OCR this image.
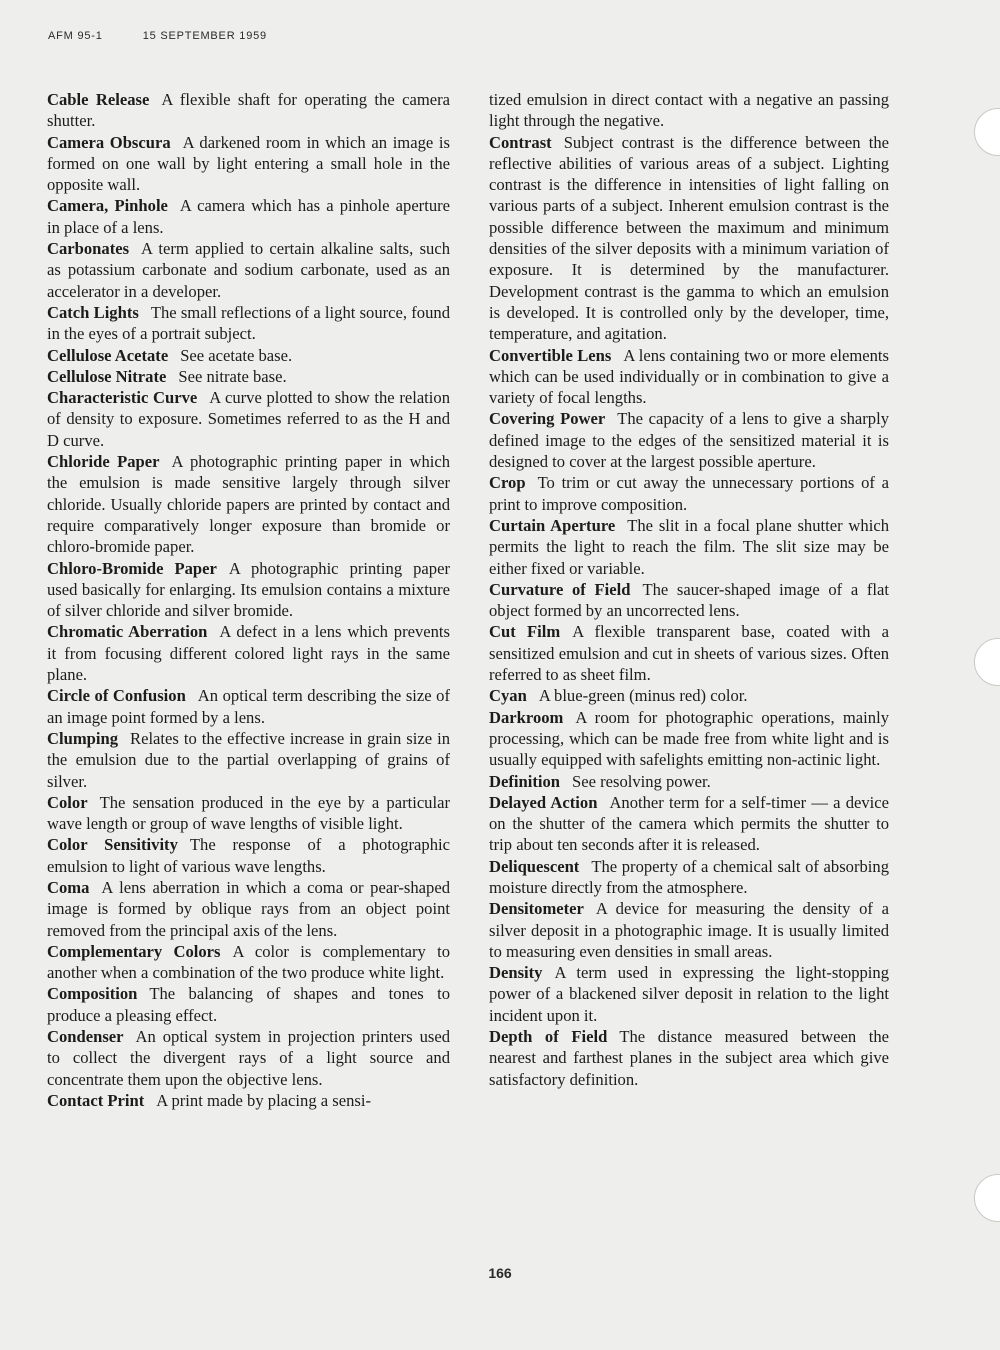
AFM 95-1	15 SEPTEMBER 1959

Cable Release A flexible shaft for operating the camera shutter.

Camera Obscura A darkened room in which an image is formed on one wall by light entering a small hole in the opposite wall.

Camera, Pinhole A camera which has a pinhole aperture in place of a lens.

Carbonates A term applied to certain alkaline salts, such as potassium carbonate and sodium carbonate, used as an accelerator in a developer.

Catch Lights The small reflections of a light source, found in the eyes of a portrait subject.

Cellulose Acetate See acetate base.

Cellulose Nitrate See nitrate base.

Characteristic Curve A curve plotted to show the relation of density to exposure. Sometimes referred to as the H and D curve.

Chloride Paper A photographic printing paper in which the emulsion is made sensitive largely through silver chloride. Usually chloride papers are printed by contact and require comparatively longer exposure than bromide or chloro-bromide paper.

Chloro-Bromide Paper A photographic printing paper used basically for enlarging. Its emulsion contains a mixture of silver chloride and silver bromide.

Chromatic Aberration A defect in a lens which prevents it from focusing different colored light rays in the same plane.

Circle of Confusion An optical term describing the size of an image point formed by a lens.

Clumping Relates to the effective increase in grain size in the emulsion due to the partial overlapping of grains of silver.

Color The sensation produced in the eye by a particular wave length or group of wave lengths of visible light.

Color Sensitivity The response of a photographic emulsion to light of various wave lengths.

Coma A lens aberration in which a coma or pear-shaped image is formed by oblique rays from an object point removed from the principal axis of the lens.

Complementary Colors A color is complementary to another when a combination of the two produce white light.

Composition The balancing of shapes and tones to produce a pleasing effect.

Condenser An optical system in projection printers used to collect the divergent rays of a light source and concentrate them upon the objective lens.

Contact Print A print made by placing a sensi-

tized emulsion in direct contact with a negative an passing light through the negative.

Contrast Subject contrast is the difference between the reflective abilities of various areas of a subject. Lighting contrast is the difference in intensities of light falling on various parts of a subject. Inherent emulsion contrast is the possible difference between the maximum and minimum densities of the silver deposits with a minimum variation of exposure. It is determined by the manufacturer. Development contrast is the gamma to which an emulsion is developed. It is controlled only by the developer, time, temperature, and agitation.

Convertible Lens A lens containing two or more elements which can be used individually or in combination to give a variety of focal lengths.

Covering Power The capacity of a lens to give a sharply defined image to the edges of the sensitized material it is designed to cover at the largest possible aperture.

Crop To trim or cut away the unnecessary portions of a print to improve composition.

Curtain Aperture The slit in a focal plane shutter which permits the light to reach the film. The slit size may be either fixed or variable.

Curvature of Field The saucer-shaped image of a flat object formed by an uncorrected lens.

Cut Film A flexible transparent base, coated with a sensitized emulsion and cut in sheets of various sizes. Often referred to as sheet film.

Cyan A blue-green (minus red) color.

Darkroom A room for photographic operations, mainly processing, which can be made free from white light and is usually equipped with safelights emitting non-actinic light.

Definition See resolving power.

Delayed Action Another term for a self-timer — a device on the shutter of the camera which permits the shutter to trip about ten seconds after it is released.

Deliquescent The property of a chemical salt of absorbing moisture directly from the atmosphere.

Densitometer A device for measuring the density of a silver deposit in a photographic image. It is usually limited to measuring even densities in small areas.

Density A term used in expressing the light-stopping power of a blackened silver deposit in relation to the light incident upon it.

Depth of Field The distance measured between the nearest and farthest planes in the subject area which give satisfactory definition.

166
